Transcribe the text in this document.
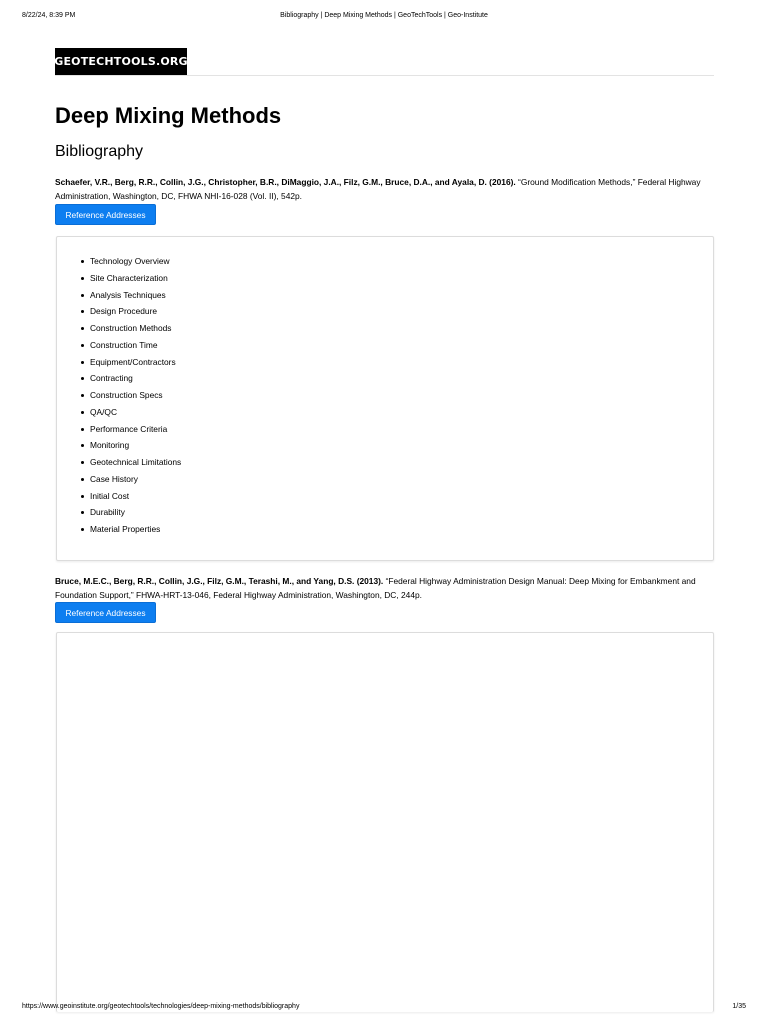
8/22/24, 8:39 PM	Bibliography | Deep Mixing Methods | GeoTechTools | Geo-Institute
GEOTECHTOOLS.ORG
Deep Mixing Methods
Bibliography

Schaefer, V.R., Berg, R.R., Collin, J.G., Christopher, B.R., DiMaggio, J.A., Filz, G.M., Bruce, D.A., and Ayala, D. (2016). “Ground Modification Methods,” Federal Highway Administration, Washington, DC, FHWA NHI-16-028 (Vol. II), 542p.

Reference Addresses
Technology Overview
Site Characterization
Analysis Techniques
Design Procedure
Construction Methods
Construction Time
Equipment/Contractors
Contracting
Construction Specs
QA/QC
Performance Criteria
Monitoring
Geotechnical Limitations
Case History
Initial Cost
Durability
Material Properties

Bruce, M.E.C., Berg, R.R., Collin, J.G., Filz, G.M., Terashi, M., and Yang, D.S. (2013). “Federal Highway Administration Design Manual: Deep Mixing for Embankment and Foundation Support,” FHWA-HRT-13-046, Federal Highway Administration, Washington, DC, 244p.

Reference Addresses
https://www.geoinstitute.org/geotechtools/technologies/deep-mixing-methods/bibliography	1/35
